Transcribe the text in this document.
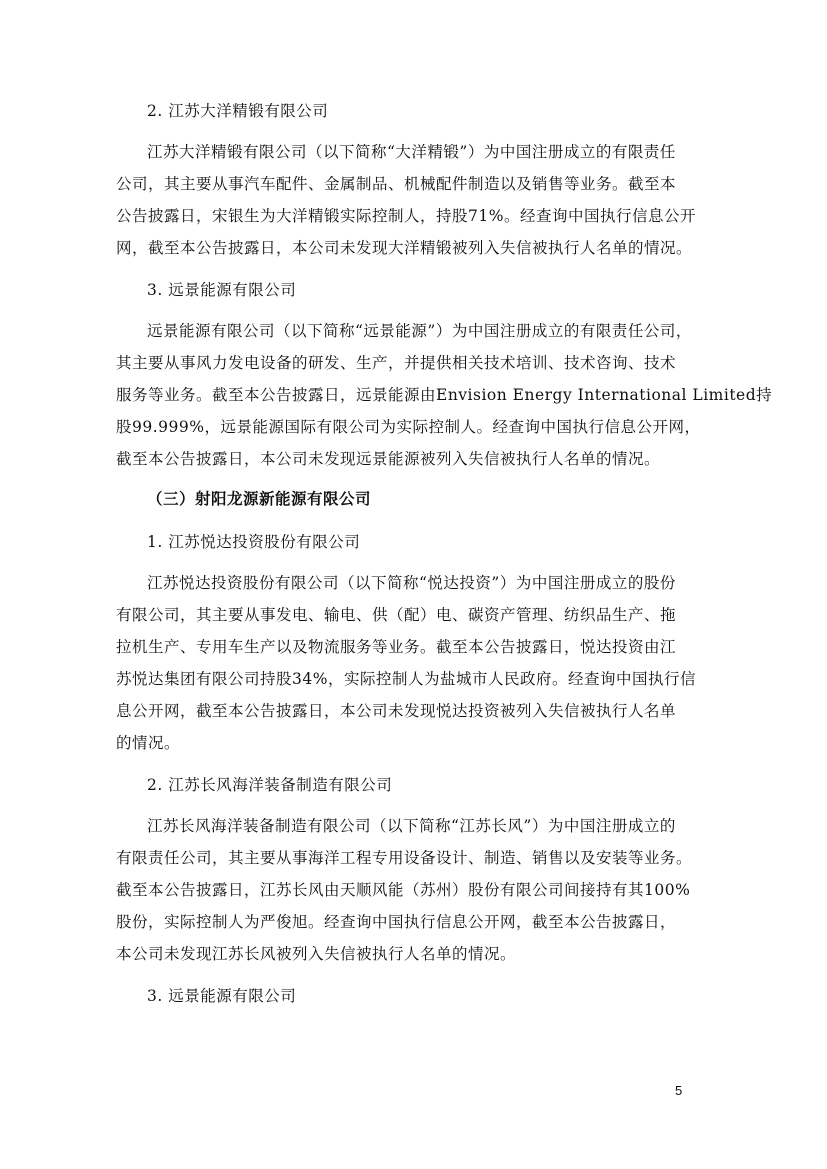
2. 江苏大洋精锻有限公司
江苏大洋精锻有限公司（以下简称“大洋精锻”）为中国注册成立的有限责任
公司，其主要从事汽车配件、金属制品、机械配件制造以及销售等业务。截至本
公告披露日，宋银生为大洋精锻实际控制人，持股71%。经查询中国执行信息公开
网，截至本公告披露日，本公司未发现大洋精锻被列入失信被执行人名单的情况。
3. 远景能源有限公司
远景能源有限公司（以下简称“远景能源”）为中国注册成立的有限责任公司，
其主要从事风力发电设备的研发、生产，并提供相关技术培训、技术咨询、技术
服务等业务。截至本公告披露日，远景能源由Envision Energy International Limited持
股99.999%，远景能源国际有限公司为实际控制人。经查询中国执行信息公开网，
截至本公告披露日，本公司未发现远景能源被列入失信被执行人名单的情况。
（三）射阳龙源新能源有限公司
1. 江苏悦达投资股份有限公司
江苏悦达投资股份有限公司（以下简称“悦达投资”）为中国注册成立的股份
有限公司，其主要从事发电、输电、供（配）电、碳资产管理、纺织品生产、拖
拉机生产、专用车生产以及物流服务等业务。截至本公告披露日，悦达投资由江
苏悦达集团有限公司持股34%，实际控制人为盐城市人民政府。经查询中国执行信
息公开网，截至本公告披露日，本公司未发现悦达投资被列入失信被执行人名单
的情况。
2. 江苏长风海洋装备制造有限公司
江苏长风海洋装备制造有限公司（以下简称“江苏长风”）为中国注册成立的
有限责任公司，其主要从事海洋工程专用设备设计、制造、销售以及安装等业务。
截至本公告披露日，江苏长风由天顺风能（苏州）股份有限公司间接持有其100%
股份，实际控制人为严俊旭。经查询中国执行信息公开网，截至本公告披露日，
本公司未发现江苏长风被列入失信被执行人名单的情况。
3. 远景能源有限公司
5
